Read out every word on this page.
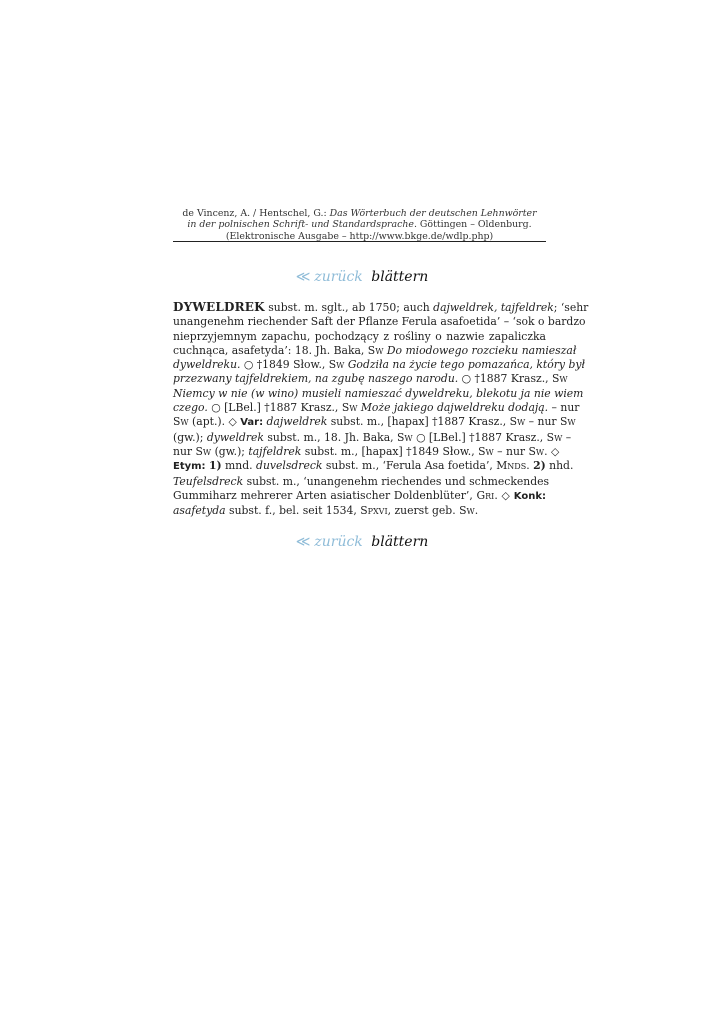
de Vincenz, A. / Hentschel, G.: Das Wörterbuch der deutschen Lehnwörter
in der polnischen Schrift- und Standardsprache. Göttingen – Oldenburg.
(Elektronische Ausgabe – http://www.bkge.de/wdlp.php)
≪ zurück blättern
DYWELDREK subst. m. sglt., ab 1750; auch dajweldrek, tajfeldrek; ‘sehr
unangenehm riechender Saft der Pflanze Ferula asafoetida’ – ‘sok o bardzo
nieprzyjemnym zapachu, pochodzący z rośliny o nazwie zapaliczka
cuchnąca, asafetyda’: 18. Jh. Baka, Sw Do miodowego rozcieku namieszał
dyweldreku. ○ †1849 Słow., Sw Godziła na życie tego pomazańca, który był
przezwany tajfeldrekiem, na zgubę naszego narodu. ○ †1887 Krasz., Sw
Niemcy w nie (w wino) musieli namieszać dyweldreku, blekotu ja nie wiem
czego. ○ [LBel.] †1887 Krasz., Sw Może jakiego dajweldreku dodają. – nur
Sw (apt.). ◇ Var: dajweldrek subst. m., [hapax] †1887 Krasz., Sw – nur Sw
(gw.); dyweldrek subst. m., 18. Jh. Baka, Sw ○ [LBel.] †1887 Krasz., Sw –
nur Sw (gw.); tajfeldrek subst. m., [hapax] †1849 Słow., Sw – nur Sw. ◇
Etym: 1) mnd. duvelsdreck subst. m., ‘Ferula Asa foetida’, Mnds. 2) nhd.
Teufelsdreck subst. m., ‘unangenehm riechendes und schmeckendes
Gummiharz mehrerer Arten asiatischer Doldenblüter’, Gri. ◇ Konk:
asafetyda subst. f., bel. seit 1534, Spxvi, zuerst geb. Sw.
≪ zurück blättern
